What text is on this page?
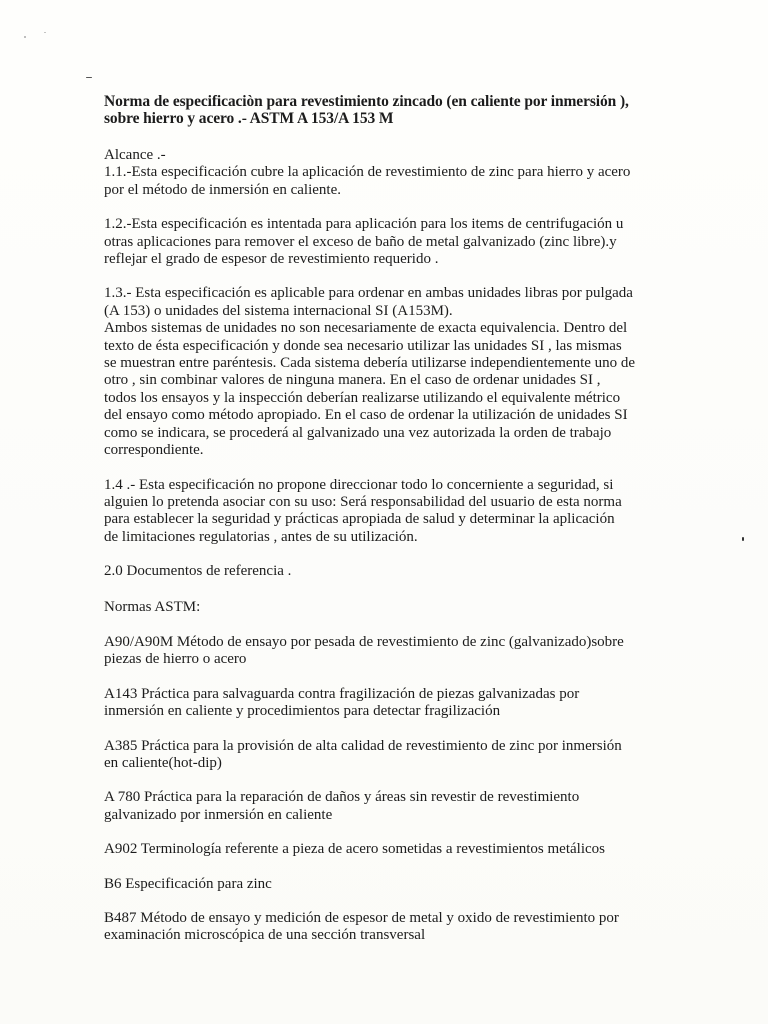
Norma de especificaciòn para revestimiento zincado (en caliente por inmersión ),
sobre hierro y acero .- ASTM A 153/A 153 M
Alcance .-
1.1.-Esta especificación cubre la aplicación de revestimiento de zinc para hierro y acero
por el método de inmersión en caliente.
1.2.-Esta especificación es intentada para aplicación para los items de centrifugación u
otras aplicaciones para remover el exceso de baño de metal galvanizado (zinc libre).y
reflejar el grado de espesor de revestimiento requerido .
1.3.- Esta especificación es aplicable para ordenar en ambas unidades libras por pulgada
(A 153) o unidades del sistema internacional SI (A153M).
Ambos sistemas de unidades no son necesariamente de exacta equivalencia. Dentro del
texto de ésta especificación y donde sea necesario utilizar las unidades SI , las mismas
se muestran entre paréntesis. Cada sistema debería utilizarse independientemente uno de
otro , sin combinar valores de ninguna manera. En el caso de ordenar unidades SI ,
todos los ensayos y la inspección deberían realizarse utilizando el equivalente métrico
del ensayo como método apropiado. En el caso de ordenar la utilización de unidades SI
como se indicara, se procederá al galvanizado una vez autorizada la orden de trabajo
correspondiente.
1.4 .- Esta especificación no propone direccionar todo lo concerniente a seguridad, si
alguien lo pretenda asociar con su uso: Será responsabilidad del usuario de esta norma
para establecer la seguridad y prácticas apropiada de salud y determinar la aplicación
de limitaciones regulatorias , antes de su utilización.
2.0 Documentos de referencia .
Normas ASTM:
A90/A90M Método de ensayo por pesada de revestimiento de zinc (galvanizado)sobre
piezas de hierro o acero
A143 Práctica para salvaguarda contra fragilización de piezas galvanizadas por
inmersión en caliente y procedimientos para detectar fragilización
A385 Práctica para la provisión de alta calidad de revestimiento de zinc por inmersión
en caliente(hot-dip)
A 780 Práctica para la reparación de daños y áreas sin revestir de revestimiento
galvanizado por inmersión en caliente
A902 Terminología referente a pieza de acero sometidas a revestimientos metálicos
B6 Especificación para zinc
B487 Método de ensayo y medición de espesor de metal y oxido de revestimiento por
examinación microscópica de una sección transversal
